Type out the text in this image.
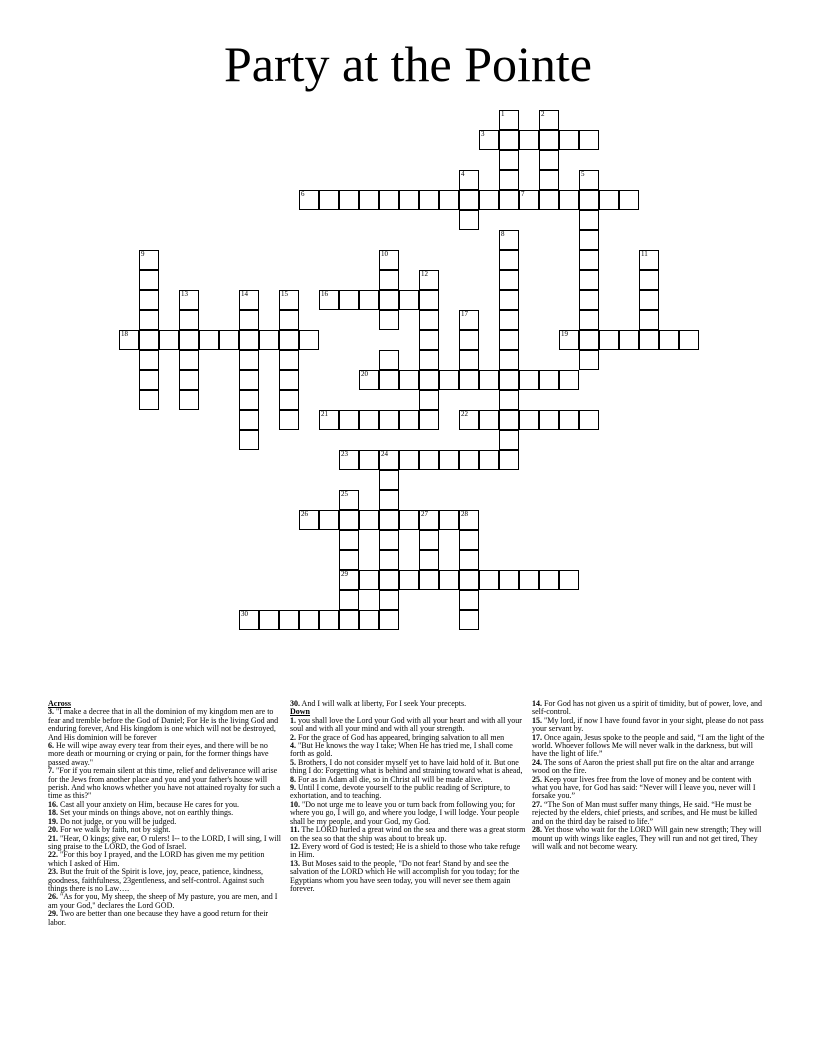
Party at the Pointe
1	2
3
4	5
6	7
8
9	10	11
12
13	14	15	16
17
18	19
20
21	22
23	24
25
26	27	28
29
30
Across
3. "I make a decree that in all the dominion of my kingdom men are to fear and tremble before the God of Daniel; For He is the living God and enduring forever, And His kingdom is one which will not be destroyed, And His dominion will be forever
6. He will wipe away every tear from their eyes, and there will be no more death or mourning or crying or pain, for the former things have passed away."
7. "For if you remain silent at this time, relief and deliverance will arise for the Jews from another place and you and your father's house will perish. And who knows whether you have not attained royalty for such a time as this?"
16. Cast all your anxiety on Him, because He cares for you.
18. Set your minds on things above, not on earthly things.
19. Do not judge, or you will be judged.
20. For we walk by faith, not by sight.
21. "Hear, O kings; give ear, O rulers! I-- to the LORD, I will sing, I will sing praise to the LORD, the God of Israel.
22. "For this boy I prayed, and the LORD has given me my petition which I asked of Him.
23. But the fruit of the Spirit is love, joy, peace, patience, kindness, goodness, faithfulness, 23gentleness, and self-control. Against such things there is no Law….
26. "As for you, My sheep, the sheep of My pasture, you are men, and I am your God," declares the Lord GOD.
29. Two are better than one because they have a good return for their labor.
30. And I will walk at liberty, For I seek Your precepts.
Down
1. you shall love the Lord your God with all your heart and with all your soul and with all your mind and with all your strength.
2. For the grace of God has appeared, bringing salvation to all men
4. "But He knows the way I take; When He has tried me, I shall come forth as gold.
5. Brothers, I do not consider myself yet to have laid hold of it. But one thing I do: Forgetting what is behind and straining toward what is ahead,
8. For as in Adam all die, so in Christ all will be made alive.
9. Until I come, devote yourself to the public reading of Scripture, to exhortation, and to teaching.
10. "Do not urge me to leave you or turn back from following you; for where you go, I will go, and where you lodge, I will lodge. Your people shall be my people, and your God, my God.
11. The LORD hurled a great wind on the sea and there was a great storm on the sea so that the ship was about to break up.
12. Every word of God is tested; He is a shield to those who take refuge in Him.
13. But Moses said to the people, "Do not fear! Stand by and see the salvation of the LORD which He will accomplish for you today; for the Egyptians whom you have seen today, you will never see them again forever.
14. For God has not given us a spirit of timidity, but of power, love, and self-control.
15. "My lord, if now I have found favor in your sight, please do not pass your servant by.
17. Once again, Jesus spoke to the people and said, “I am the light of the world. Whoever follows Me will never walk in the darkness, but will have the light of life.”
24. The sons of Aaron the priest shall put fire on the altar and arrange wood on the fire.
25. Keep your lives free from the love of money and be content with what you have, for God has said: “Never will I leave you, never will I forsake you.”
27. “The Son of Man must suffer many things, He said. “He must be rejected by the elders, chief priests, and scribes, and He must be killed and on the third day be raised to life.”
28. Yet those who wait for the LORD Will gain new strength; They will mount up with wings like eagles, They will run and not get tired, They will walk and not become weary.
